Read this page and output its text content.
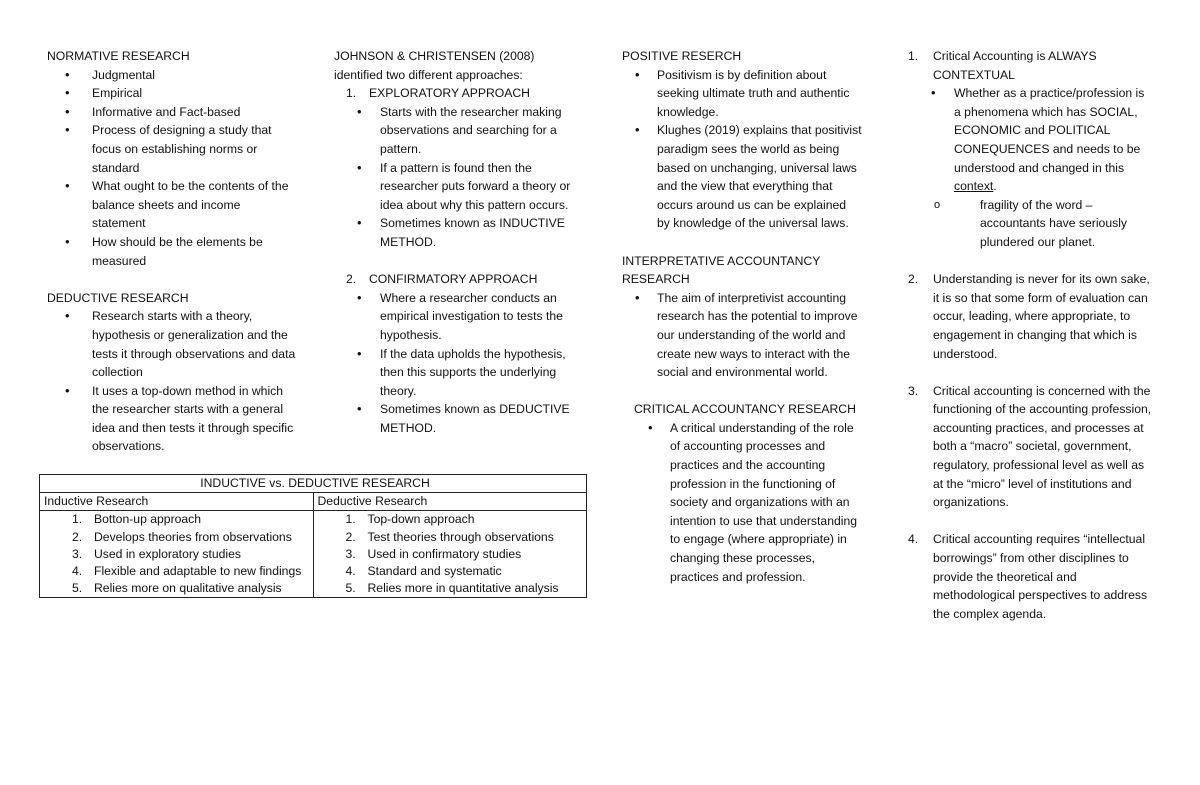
NORMATIVE RESEARCH
• Judgmental
• Empirical
• Informative and Fact-based
• Process of designing a study that focus on establishing norms or standard
• What ought to be the contents of the balance sheets and income statement
• How should be the elements be measured
DEDUCTIVE RESEARCH
• Research starts with a theory, hypothesis or generalization and the tests it through observations and data collection
• It uses a top-down method in which the researcher starts with a general idea and then tests it through specific observations.
JOHNSON & CHRISTENSEN (2008)
identified two different approaches:
1. EXPLORATORY APPROACH
• Starts with the researcher making observations and searching for a pattern.
• If a pattern is found then the researcher puts forward a theory or idea about why this pattern occurs.
• Sometimes known as INDUCTIVE METHOD.
2. CONFIRMATORY APPROACH
• Where a researcher conducts an empirical investigation to tests the hypothesis.
• If the data upholds the hypothesis, then this supports the underlying theory.
• Sometimes known as DEDUCTIVE METHOD.
POSITIVE RESERCH
• Positivism is by definition about seeking ultimate truth and authentic knowledge.
• Klughes (2019) explains that positivist paradigm sees the world as being based on unchanging, universal laws and the view that everything that occurs around us can be explained by knowledge of the universal laws.
INTERPRETATIVE ACCOUNTANCY
RESEARCH
• The aim of interpretivist accounting research has the potential to improve our understanding of the world and create new ways to interact with the social and environmental world.
CRITICAL ACCOUNTANCY RESEARCH
• A critical understanding of the role of accounting processes and practices and the accounting profession in the functioning of society and organizations with an intention to use that understanding to engage (where appropriate) in changing these processes, practices and profession.
1. Critical Accounting is ALWAYS CONTEXTUAL
• Whether as a practice/profession is a phenomena which has SOCIAL, ECONOMIC and POLITICAL CONEQUENCES and needs to be understood and changed in this context.
o fragility of the word – accountants have seriously plundered our planet.
2. Understanding is never for its own sake, it is so that some form of evaluation can occur, leading, where appropriate, to engagement in changing that which is understood.
3. Critical accounting is concerned with the functioning of the accounting profession, accounting practices, and processes at both a “macro” societal, government, regulatory, professional level as well as at the “micro” level of institutions and organizations.
4. Critical accounting requires “intellectual borrowings” from other disciplines to provide the theoretical and methodological perspectives to address the complex agenda.
INDUCTIVE vs. DEDUCTIVE RESEARCH	
Inductive Research	Deductive Research

1. Botton-up approach	1. Top-down approach

2. Develops theories from observations	2. Test theories through observations

3. Used in exploratory studies	3. Used in confirmatory studies

4. Flexible and adaptable to new findings	4. Standard and systematic

5. Relies more on qualitative analysis	5. Relies more in quantitative analysis
